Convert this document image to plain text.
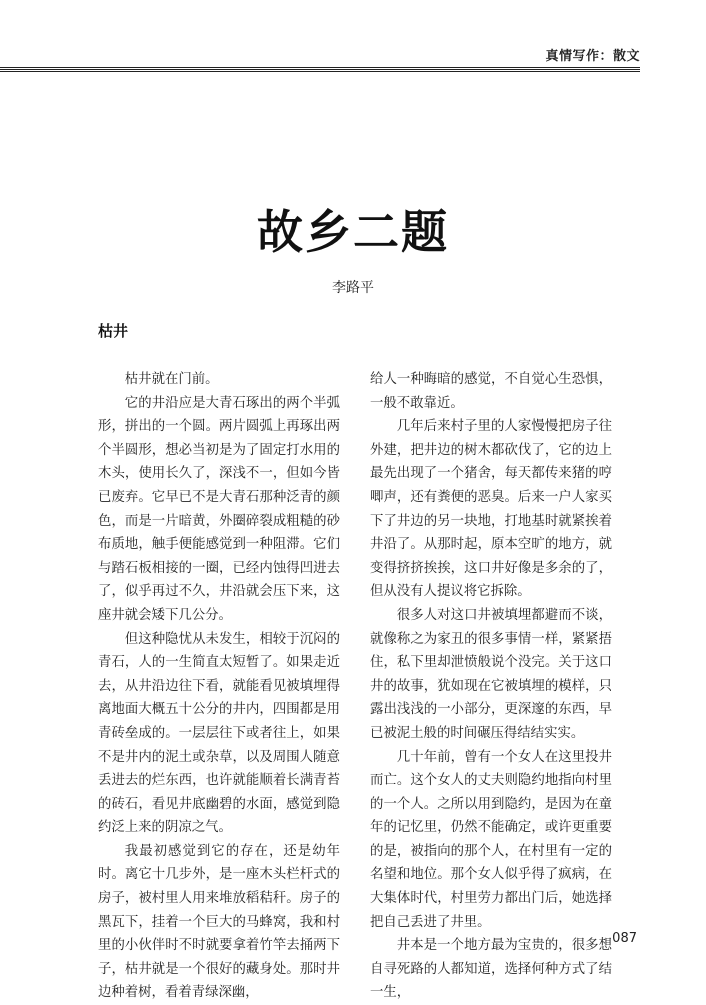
真情写作：散文
故乡二题
李路平
枯井

枯井就在门前。

它的井沿应是大青石琢出的两个半弧形，拼出的一个圆。两片圆弧上再琢出两个半圆形，想必当初是为了固定打水用的木头，使用长久了，深浅不一，但如今皆已废弃。它早已不是大青石那种泛青的颜色，而是一片暗黄，外圈碎裂成粗糙的砂布质地，触手便能感觉到一种阻滞。它们与踏石板相接的一圈，已经内蚀得凹进去了，似乎再过不久，井沿就会压下来，这座井就会矮下几公分。

但这种隐忧从未发生，相较于沉闷的青石，人的一生简直太短暂了。如果走近去，从井沿边往下看，就能看见被填埋得离地面大概五十公分的井内，四围都是用青砖垒成的。一层层往下或者往上，如果不是井内的泥土或杂草，以及周围人随意丢进去的烂东西，也许就能顺着长满青苔的砖石，看见井底幽碧的水面，感觉到隐约泛上来的阴凉之气。

我最初感觉到它的存在，还是幼年时。离它十几步外，是一座木头栏杆式的房子，被村里人用来堆放稻秸秆。房子的黑瓦下，挂着一个巨大的马蜂窝，我和村里的小伙伴时不时就要拿着竹竿去捅两下子，枯井就是一个很好的藏身处。那时井边种着树，看着青绿深幽，

给人一种晦暗的感觉，不自觉心生恐惧，一般不敢靠近。

几年后来村子里的人家慢慢把房子往外建，把井边的树木都砍伐了，它的边上最先出现了一个猪舍，每天都传来猪的哼唧声，还有粪便的恶臭。后来一户人家买下了井边的另一块地，打地基时就紧挨着井沿了。从那时起，原本空旷的地方，就变得挤挤挨挨，这口井好像是多余的了，但从没有人提议将它拆除。

很多人对这口井被填埋都避而不谈，就像称之为家丑的很多事情一样，紧紧捂住，私下里却泄愤般说个没完。关于这口井的故事，犹如现在它被填埋的模样，只露出浅浅的一小部分，更深邃的东西，早已被泥土般的时间碾压得结结实实。

几十年前，曾有一个女人在这里投井而亡。这个女人的丈夫则隐约地指向村里的一个人。之所以用到隐约，是因为在童年的记忆里，仍然不能确定，或许更重要的是，被指向的那个人，在村里有一定的名望和地位。那个女人似乎得了疯病，在大集体时代，村里劳力都出门后，她选择把自己丢进了井里。

井本是一个地方最为宝贵的，很多想自寻死路的人都知道，选择何种方式了结一生，

087
